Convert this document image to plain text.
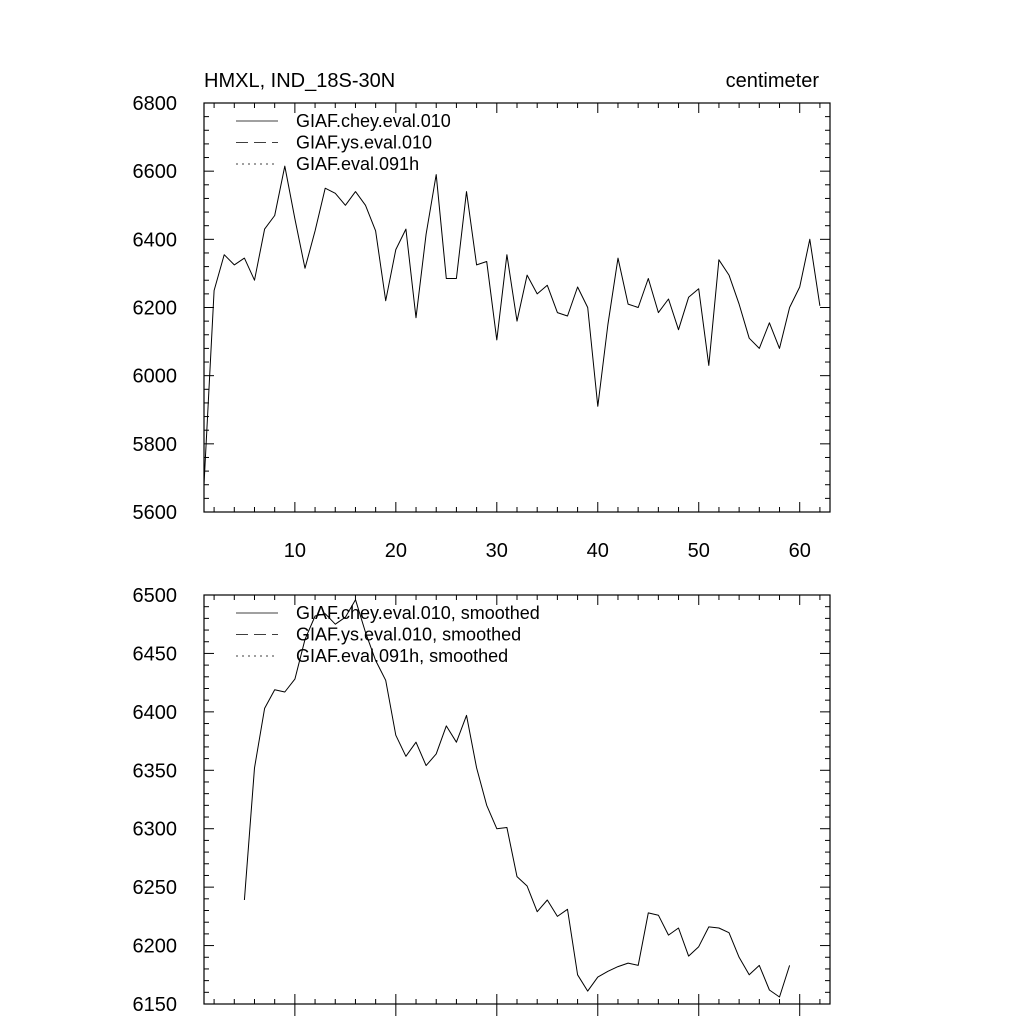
HMXL, IND_18S-30N	centimeter
10	20	30	40	50	60
5600
5800
6000
6200
6400
6600
6800
GIAF.chey.eval.010
GIAF.ys.eval.010
GIAF.eval.091h
6150
6200
6250
6300
6350
6400
6450
6500
GIAF.chey.eval.010, smoothed
GIAF.ys.eval.010, smoothed
GIAF.eval.091h, smoothed
